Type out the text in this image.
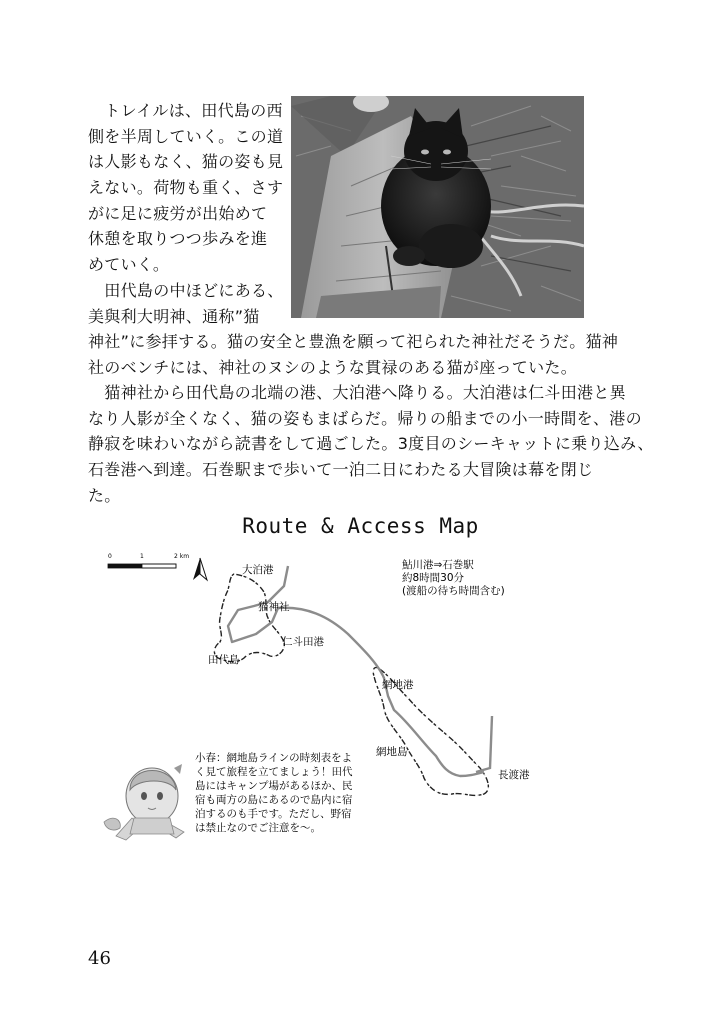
　トレイルは、田代島の西
側を半周していく。この道
は人影もなく、猫の姿も見
えない。荷物も重く、さす
がに足に疲労が出始めて
休憩を取りつつ歩みを進
めていく。
　田代島の中ほどにある、
美與利大明神、通称”猫
神社”に参拝する。猫の安全と豊漁を願って祀られた神社だそうだ。猫神
社のベンチには、神社のヌシのような貫禄のある猫が座っていた。
　猫神社から田代島の北端の港、大泊港へ降りる。大泊港は仁斗田港と異
なり人影が全くなく、猫の姿もまばらだ。帰りの船までの小一時間を、港の
静寂を味わいながら読書をして過ごした。3度目のシーキャットに乗り込み、
石巻港へ到達。石巻駅まで歩いて一泊二日にわたる大冒険は幕を閉じ
た。
Route & Access Map
0	1	2 km
大泊港
猫神社
仁斗田港
田代島
網地港
網地島
長渡港
鮎川港⇒石巻駅
約8時間30分
(渡船の待ち時間含む)
小春：網地島ラインの時刻表をよ
く見て旅程を立てましょう！田代
島にはキャンプ場があるほか、民
宿も両方の島にあるので島内に宿
泊するのも手です。ただし、野宿
は禁止なのでご注意を〜。
46
